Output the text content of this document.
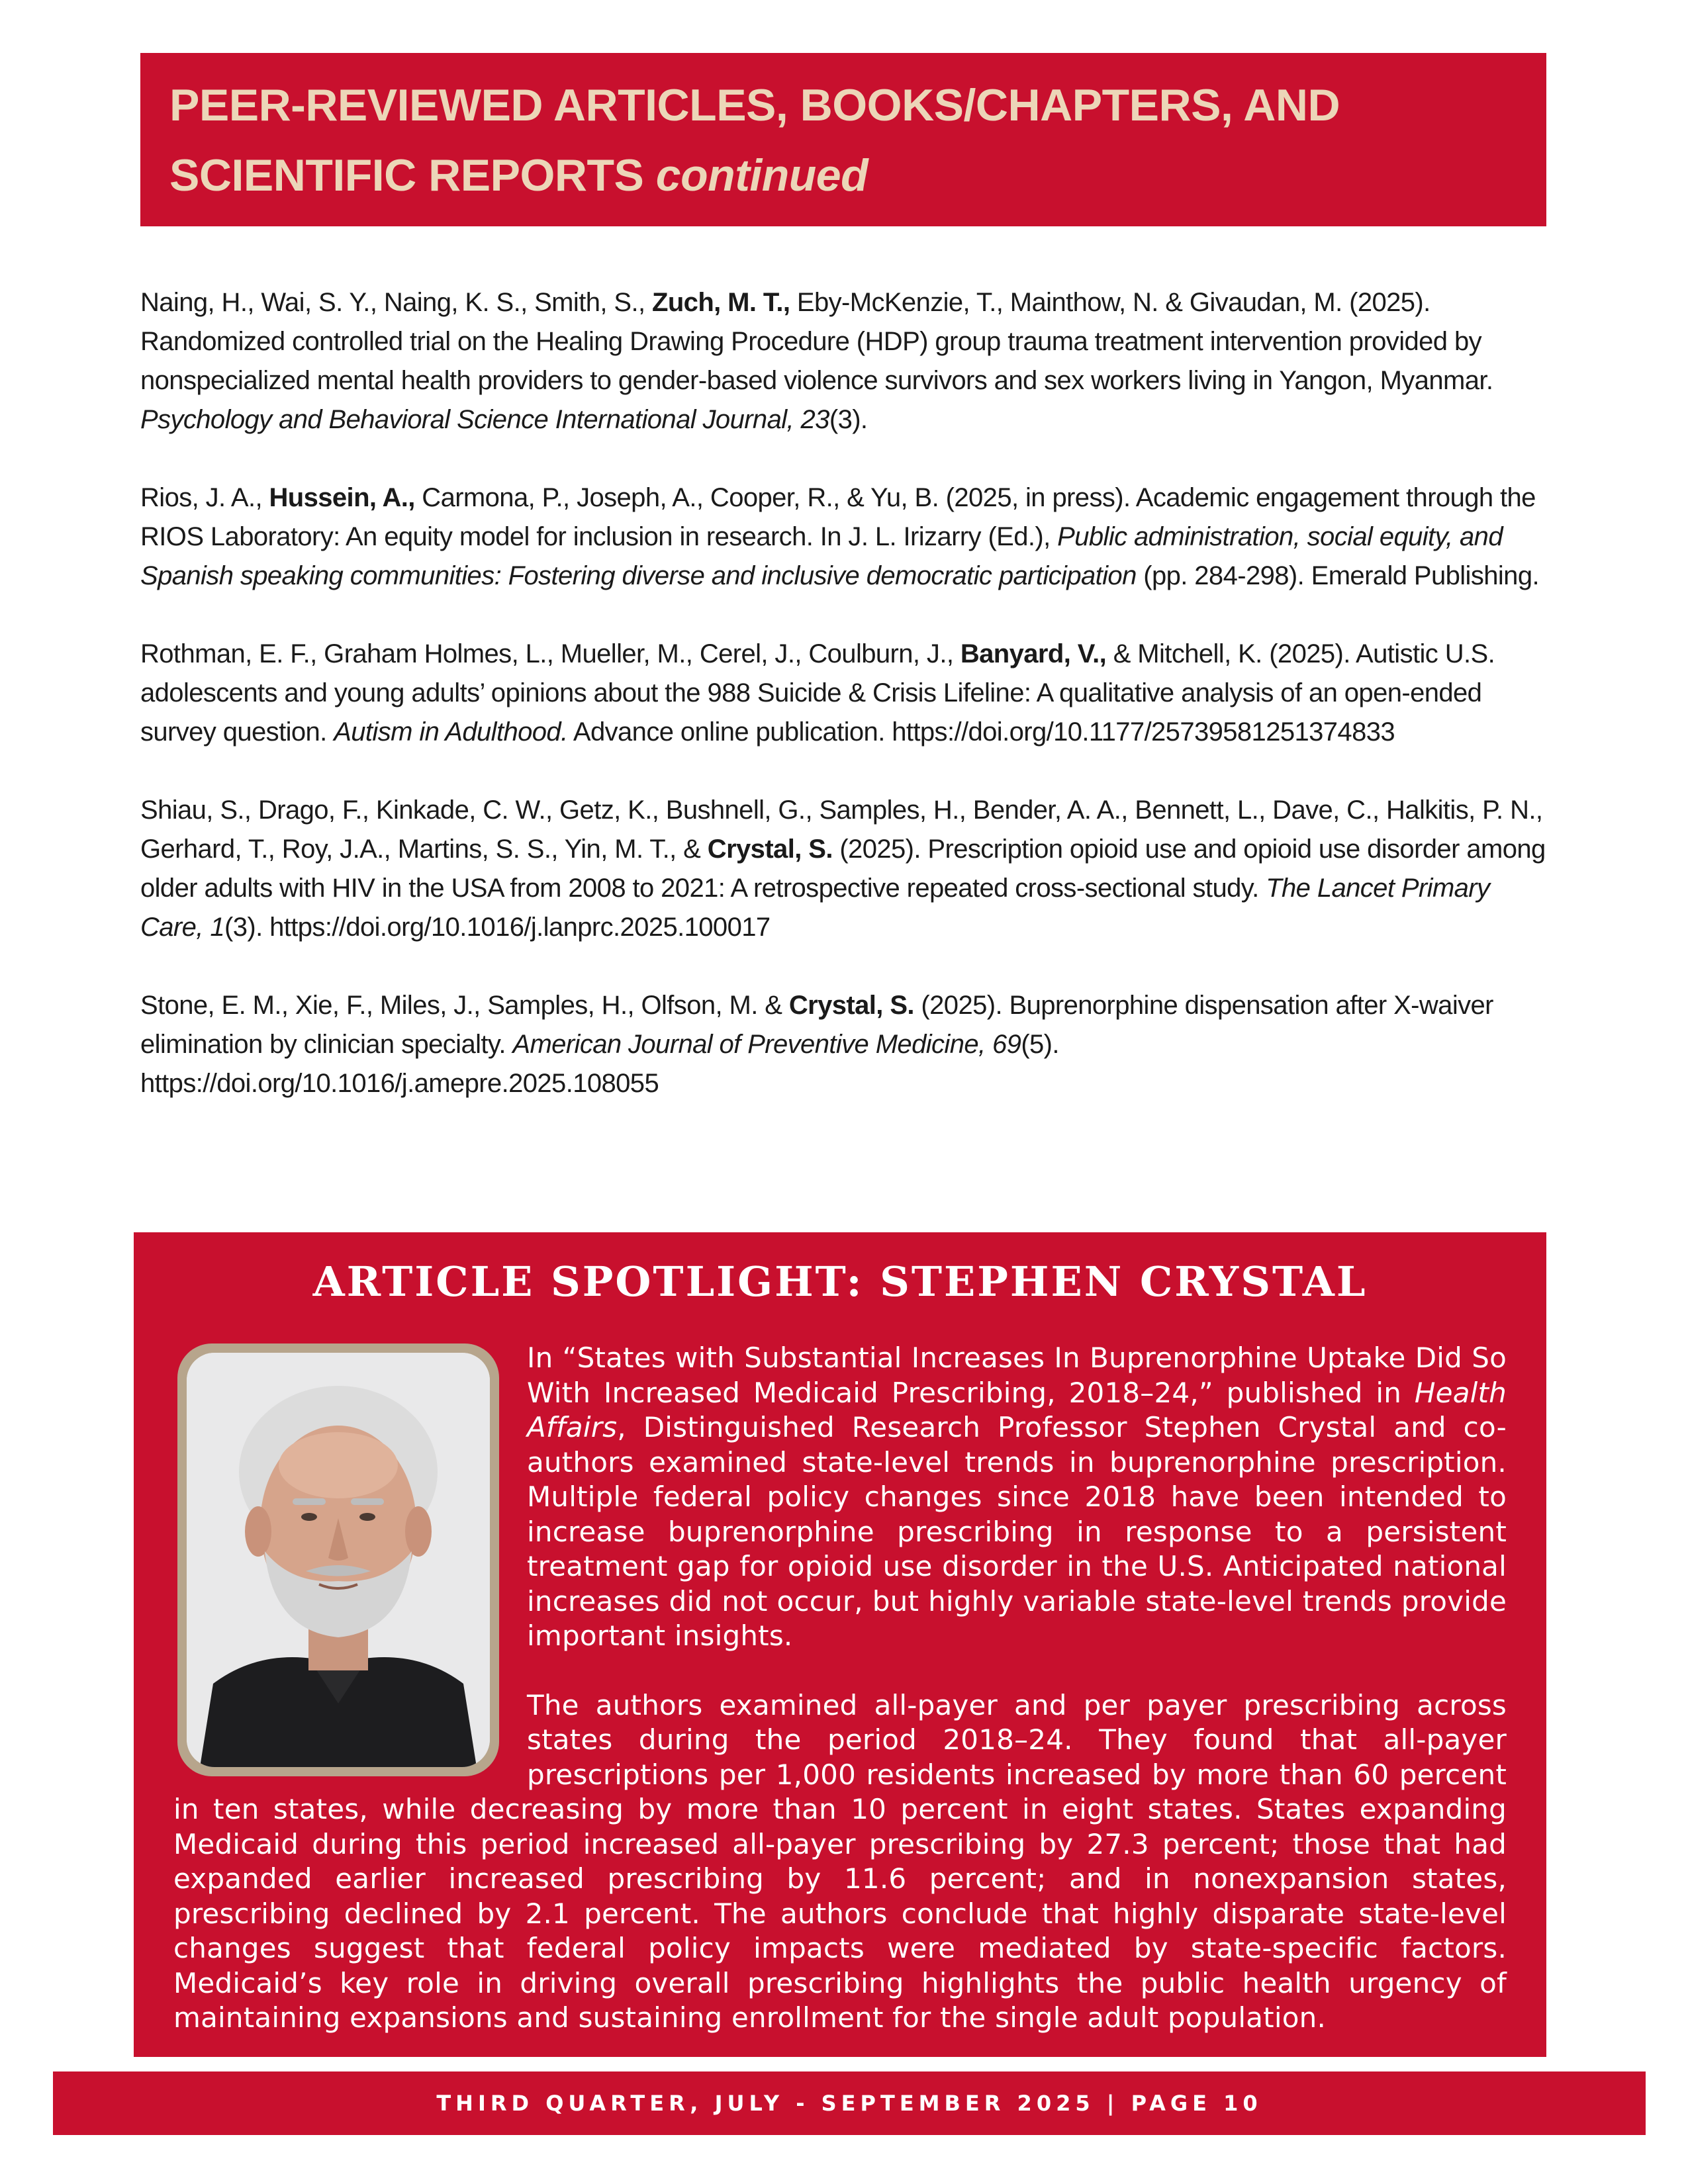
PEER-REVIEWED ARTICLES, BOOKS/CHAPTERS, AND
SCIENTIFIC REPORTS continued

Naing, H., Wai, S. Y., Naing, K. S., Smith, S., Zuch, M. T., Eby-McKenzie, T., Mainthow, N. & Givaudan, M. (2025). Randomized controlled trial on the Healing Drawing Procedure (HDP) group trauma treatment intervention provided by nonspecialized mental health providers to gender-based violence survivors and sex workers living in Yangon, Myanmar. Psychology and Behavioral Science International Journal, 23(3).

Rios, J. A., Hussein, A., Carmona, P., Joseph, A., Cooper, R., & Yu, B. (2025, in press). Academic engagement through the RIOS Laboratory: An equity model for inclusion in research. In J. L. Irizarry (Ed.), Public administration, social equity, and Spanish speaking communities: Fostering diverse and inclusive democratic participation (pp. 284-298). Emerald Publishing.

Rothman, E. F., Graham Holmes, L., Mueller, M., Cerel, J., Coulburn, J., Banyard, V., & Mitchell, K. (2025). Autistic U.S. adolescents and young adults’ opinions about the 988 Suicide & Crisis Lifeline: A qualitative analysis of an open-ended survey question. Autism in Adulthood. Advance online publication. https://doi.org/10.1177/25739581251374833

Shiau, S., Drago, F., Kinkade, C. W., Getz, K., Bushnell, G., Samples, H., Bender, A. A., Bennett, L., Dave, C., Halkitis, P. N., Gerhard, T., Roy, J.A., Martins, S. S., Yin, M. T., & Crystal, S. (2025). Prescription opioid use and opioid use disorder among older adults with HIV in the USA from 2008 to 2021: A retrospective repeated cross-sectional study. The Lancet Primary Care, 1(3). https://doi.org/10.1016/j.lanprc.2025.100017

Stone, E. M., Xie, F., Miles, J., Samples, H., Olfson, M. & Crystal, S. (2025). Buprenorphine dispensation after X-waiver elimination by clinician specialty. American Journal of Preventive Medicine, 69(5). https://doi.org/10.1016/j.amepre.2025.108055

ARTICLE SPOTLIGHT: STEPHEN CRYSTAL

In “States with Substantial Increases In Buprenorphine Uptake Did So With Increased Medicaid Prescribing, 2018–24,” published in Health Affairs, Distinguished Research Professor Stephen Crystal and co-authors examined state-level trends in buprenorphine prescription. Multiple federal policy changes since 2018 have been intended to increase buprenorphine prescribing in response to a persistent treatment gap for opioid use disorder in the U.S. Anticipated national increases did not occur, but highly variable state-level trends provide important insights.

The authors examined all-payer and per payer prescribing across states during the period 2018–24. They found that all-payer prescriptions per 1,000 residents increased by more than 60 percent in ten states, while decreasing by more than 10 percent in eight states. States expanding Medicaid during this period increased all-payer prescribing by 27.3 percent; those that had expanded earlier increased prescribing by 11.6 percent; and in nonexpansion states, prescribing declined by 2.1 percent. The authors conclude that highly disparate state-level changes suggest that federal policy impacts were mediated by state-specific factors. Medicaid’s key role in driving overall prescribing highlights the public health urgency of maintaining expansions and sustaining enrollment for the single adult population.

THIRD QUARTER, JULY - SEPTEMBER 2025 | PAGE 10
